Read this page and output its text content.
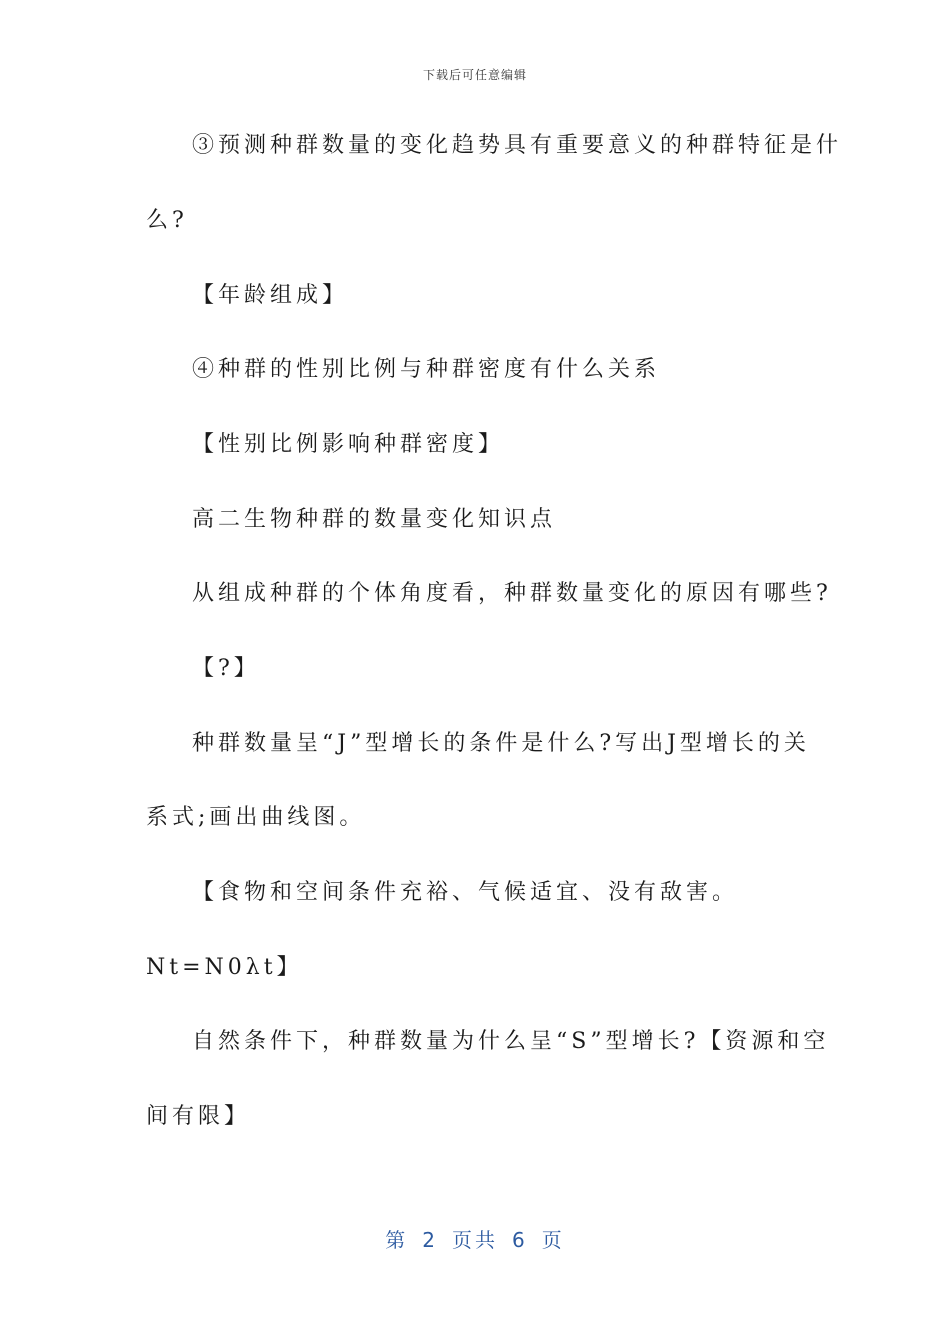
下载后可任意编辑
③预测种群数量的变化趋势具有重要意义的种群特征是什
么?
【年龄组成】
④种群的性别比例与种群密度有什么关系
【性别比例影响种群密度】
高二生物种群的数量变化知识点
从组成种群的个体角度看，种群数量变化的原因有哪些?
【?】
种群数量呈“J”型增长的条件是什么?写出J型增长的关
系式;画出曲线图。
【食物和空间条件充裕、气候适宜、没有敌害。
Nt=N0λt】
自然条件下，种群数量为什么呈“S”型增长?【资源和空
间有限】
第 2 页共 6 页
